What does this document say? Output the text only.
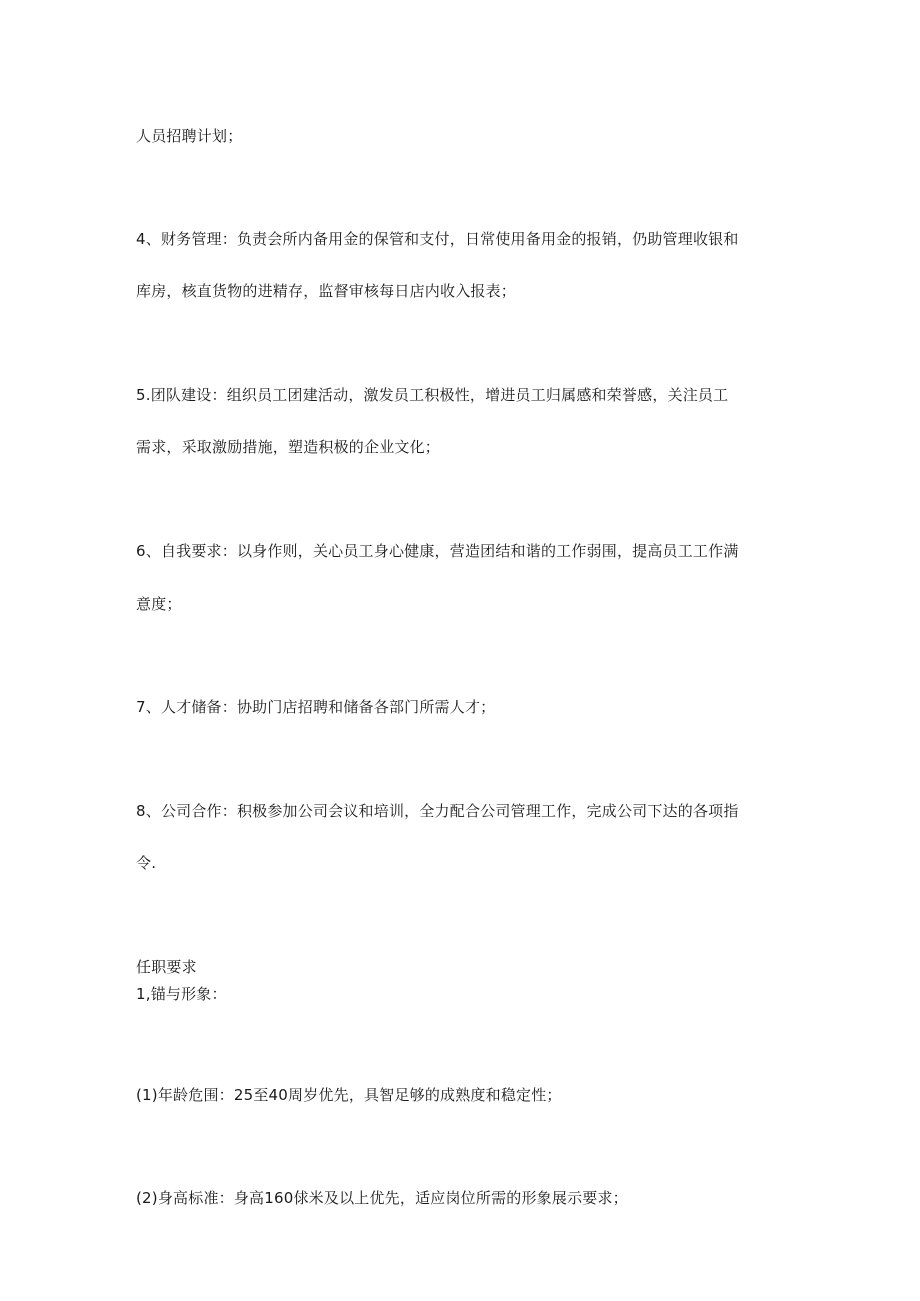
人员招聘计划；
4、财务管理：负责会所内备用金的保管和支付，日常使用备用金的报销，仍助管理收银和
库房，核直货物的进精存，监督审核每日店内收入报表；
5.团队建设：组织员工团建活动，激发员工积极性，增进员工归属感和荣誉感，关注员工
需求，采取激励措施，塑造积极的企业文化；
6、自我要求：以身作则，关心员工身心健康，营造团结和谐的工作弱围，提高员工工作满
意度；
7、人才储备：协助门店招聘和储备各部门所需人才；
8、公司合作：积极参加公司会议和培训，全力配合公司管理工作，完成公司下达的各项指
令.
任职要求
1,锚与形象：
(1)年龄危围：25至40周岁优先，具智足够的成熟度和稳定性；
(2)身高标准：身高160俅米及以上优先，适应岗位所需的形象展示要求；
